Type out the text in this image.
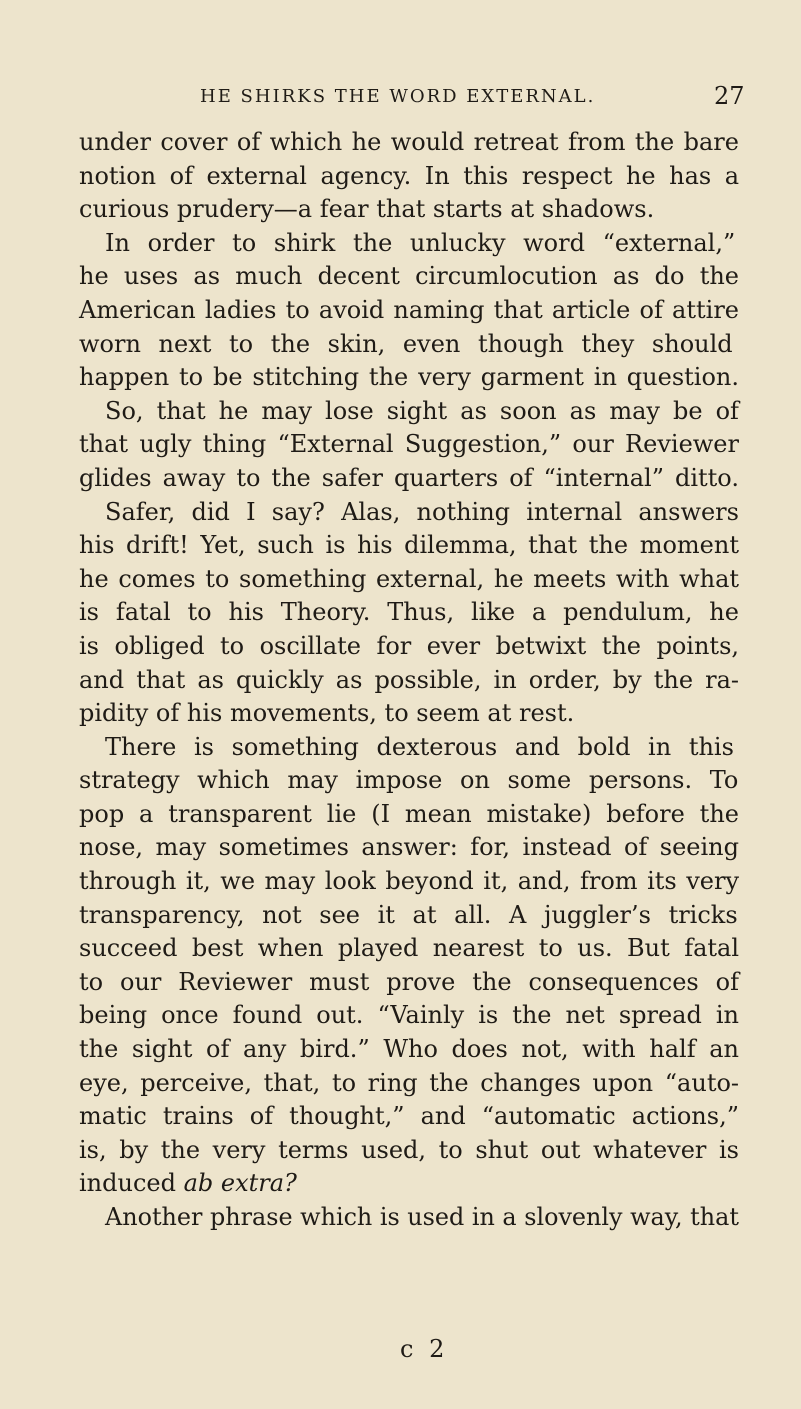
HE SHIRKS THE WORD EXTERNAL.	27
under cover of which he would retreat from the bare
notion of external agency. In this respect he has a
curious prudery—a fear that starts at shadows.
In order to shirk the unlucky word “external,”
he uses as much decent circumlocution as do the
American ladies to avoid naming that article of attire
worn next to the skin, even though they should
happen to be stitching the very garment in question.
So, that he may lose sight as soon as may be of
that ugly thing “External Suggestion,” our Reviewer
glides away to the safer quarters of “internal” ditto.
Safer, did I say? Alas, nothing internal answers
his drift! Yet, such is his dilemma, that the moment
he comes to something external, he meets with what
is fatal to his Theory. Thus, like a pendulum, he
is obliged to oscillate for ever betwixt the points,
and that as quickly as possible, in order, by the ra-
pidity of his movements, to seem at rest.
There is something dexterous and bold in this
strategy which may impose on some persons. To
pop a transparent lie (I mean mistake) before the
nose, may sometimes answer: for, instead of seeing
through it, we may look beyond it, and, from its very
transparency, not see it at all. A juggler’s tricks
succeed best when played nearest to us. But fatal
to our Reviewer must prove the consequences of
being once found out. “Vainly is the net spread in
the sight of any bird.” Who does not, with half an
eye, perceive, that, to ring the changes upon “auto-
matic trains of thought,” and “automatic actions,”
is, by the very terms used, to shut out whatever is
induced ab extra?
Another phrase which is used in a slovenly way, that
c 2
